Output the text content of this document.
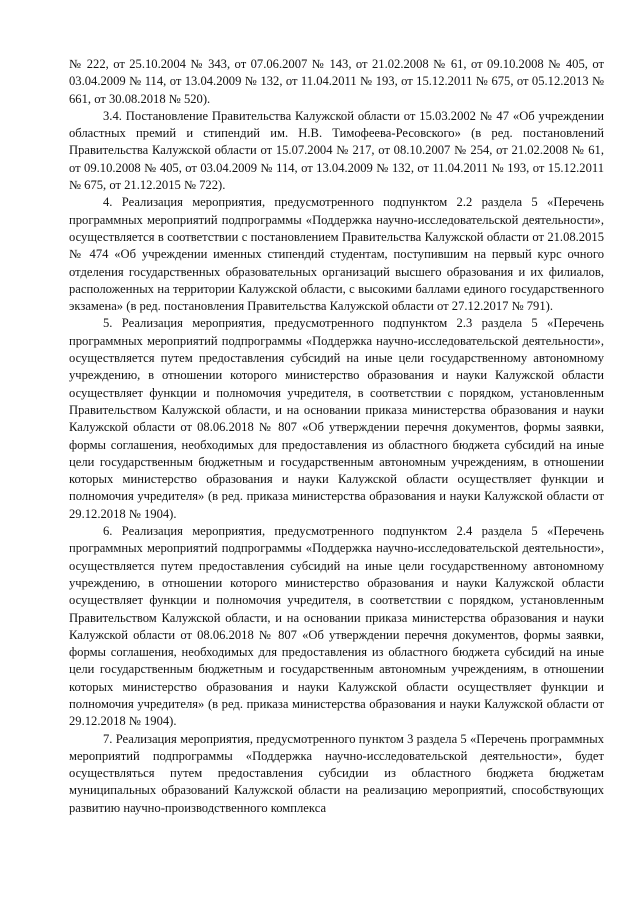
№ 222, от 25.10.2004 № 343, от 07.06.2007 № 143, от 21.02.2008 № 61, от 09.10.2008 № 405, от 03.04.2009 № 114, от 13.04.2009 № 132, от 11.04.2011 № 193, от 15.12.2011 № 675, от 05.12.2013 № 661, от 30.08.2018 № 520).

3.4. Постановление Правительства Калужской области от 15.03.2002 № 47 «Об учреждении областных премий и стипендий им. Н.В. Тимофеева-Ресовского» (в ред. постановлений Правительства Калужской области от 15.07.2004 № 217, от 08.10.2007 № 254, от 21.02.2008 № 61, от 09.10.2008 № 405, от 03.04.2009 № 114, от 13.04.2009 № 132, от 11.04.2011 № 193, от 15.12.2011 № 675, от 21.12.2015 № 722).

4. Реализация мероприятия, предусмотренного подпунктом 2.2 раздела 5 «Перечень программных мероприятий подпрограммы «Поддержка научно-исследовательской деятельности», осуществляется в соответствии с постановлением Правительства Калужской области от 21.08.2015 № 474 «Об учреждении именных стипендий студентам, поступившим на первый курс очного отделения государственных образовательных организаций высшего образования и их филиалов, расположенных на территории Калужской области, с высокими баллами единого государственного экзамена» (в ред. постановления Правительства Калужской области от 27.12.2017 № 791).

5. Реализация мероприятия, предусмотренного подпунктом 2.3 раздела 5 «Перечень программных мероприятий подпрограммы «Поддержка научно-исследовательской деятельности», осуществляется путем предоставления субсидий на иные цели государственному автономному учреждению, в отношении которого министерство образования и науки Калужской области осуществляет функции и полномочия учредителя, в соответствии с порядком, установленным Правительством Калужской области, и на основании приказа министерства образования и науки Калужской области от 08.06.2018 № 807 «Об утверждении перечня документов, формы заявки, формы соглашения, необходимых для предоставления из областного бюджета субсидий на иные цели государственным бюджетным и государственным автономным учреждениям, в отношении которых министерство образования и науки Калужской области осуществляет функции и полномочия учредителя» (в ред. приказа министерства образования и науки Калужской области от 29.12.2018 № 1904).

6. Реализация мероприятия, предусмотренного подпунктом 2.4 раздела 5 «Перечень программных мероприятий подпрограммы «Поддержка научно-исследовательской деятельности», осуществляется путем предоставления субсидий на иные цели государственному автономному учреждению, в отношении которого министерство образования и науки Калужской области осуществляет функции и полномочия учредителя, в соответствии с порядком, установленным Правительством Калужской области, и на основании приказа министерства образования и науки Калужской области от 08.06.2018 № 807 «Об утверждении перечня документов, формы заявки, формы соглашения, необходимых для предоставления из областного бюджета субсидий на иные цели государственным бюджетным и государственным автономным учреждениям, в отношении которых министерство образования и науки Калужской области осуществляет функции и полномочия учредителя» (в ред. приказа министерства образования и науки Калужской области от 29.12.2018 № 1904).

7. Реализация мероприятия, предусмотренного пунктом 3 раздела 5 «Перечень программных мероприятий подпрограммы «Поддержка научно-исследовательской деятельности», будет осуществляться путем предоставления субсидии из областного бюджета бюджетам муниципальных образований Калужской области на реализацию мероприятий, способствующих развитию научно-производственного комплекса
